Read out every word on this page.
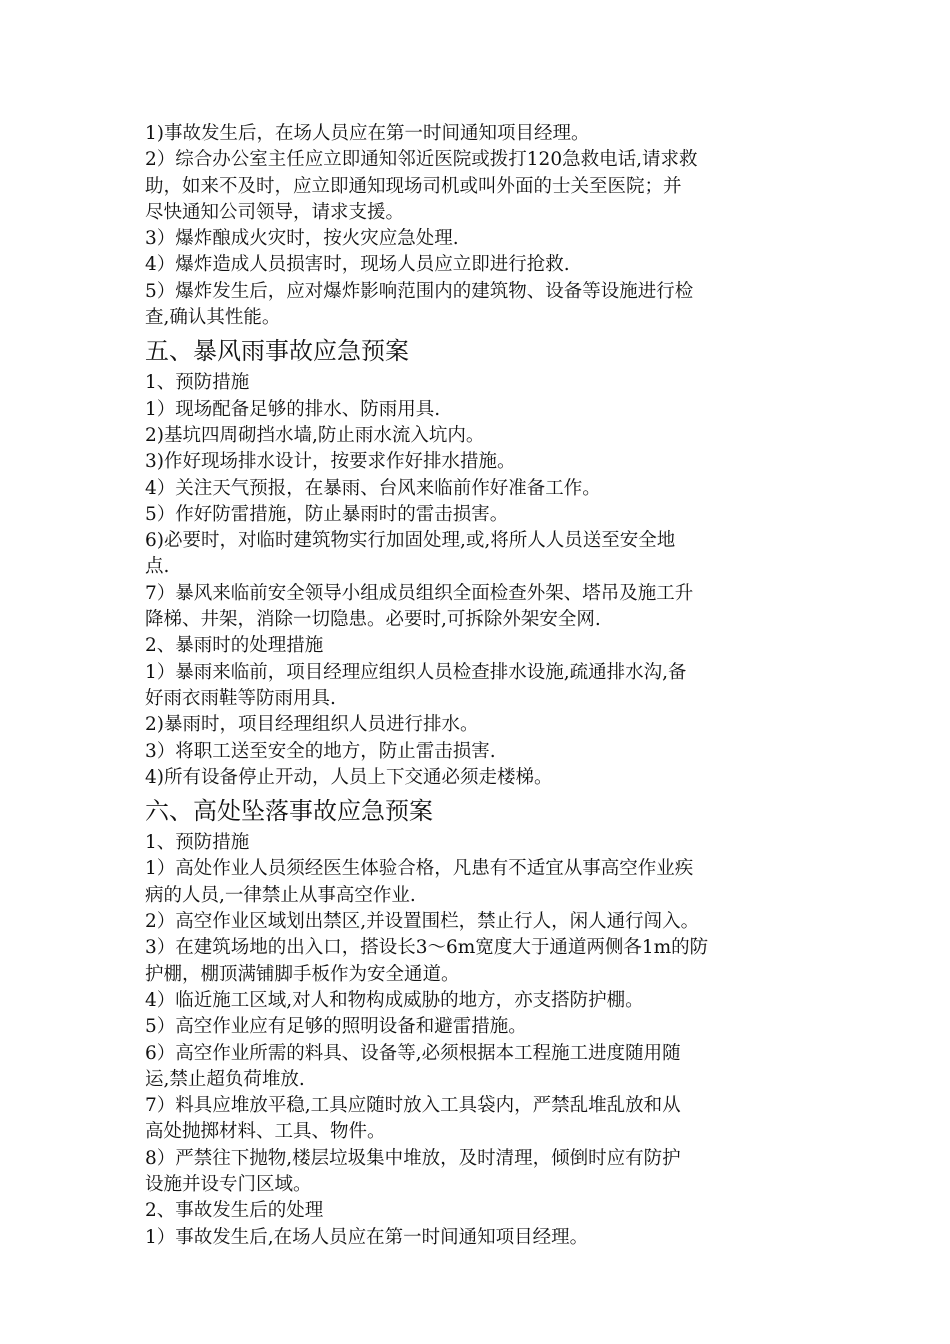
1)事故发生后，在场人员应在第一时间通知项目经理。
2）综合办公室主任应立即通知邻近医院或拨打120急救电话,请求救
助，如来不及时，应立即通知现场司机或叫外面的士关至医院；并
尽快通知公司领导，请求支援。
3）爆炸酿成火灾时，按火灾应急处理.
4）爆炸造成人员损害时，现场人员应立即进行抢救.
5）爆炸发生后，应对爆炸影响范围内的建筑物、设备等设施进行检
查,确认其性能。
五、暴风雨事故应急预案
1、预防措施
1）现场配备足够的排水、防雨用具.
2)基坑四周砌挡水墙,防止雨水流入坑内。
3)作好现场排水设计，按要求作好排水措施。
4）关注天气预报，在暴雨、台风来临前作好准备工作。
5）作好防雷措施，防止暴雨时的雷击损害。
6)必要时，对临时建筑物实行加固处理,或,将所人人员送至安全地
点.
7）暴风来临前安全领导小组成员组织全面检查外架、塔吊及施工升
降梯、井架，消除一切隐患。必要时,可拆除外架安全网.
2、暴雨时的处理措施
1）暴雨来临前，项目经理应组织人员检查排水设施,疏通排水沟,备
好雨衣雨鞋等防雨用具.
2)暴雨时，项目经理组织人员进行排水。
3）将职工送至安全的地方，防止雷击损害.
4)所有设备停止开动，人员上下交通必须走楼梯。
六、高处坠落事故应急预案
1、预防措施
1）高处作业人员须经医生体验合格，凡患有不适宜从事高空作业疾
病的人员,一律禁止从事高空作业.
2）高空作业区域划出禁区,并设置围栏，禁止行人，闲人通行闯入。
3）在建筑场地的出入口，搭设长3～6m宽度大于通道两侧各1m的防
护棚，棚顶满铺脚手板作为安全通道。
4）临近施工区域,对人和物构成威胁的地方，亦支搭防护棚。
5）高空作业应有足够的照明设备和避雷措施。
6）高空作业所需的料具、设备等,必须根据本工程施工进度随用随
运,禁止超负荷堆放.
7）料具应堆放平稳,工具应随时放入工具袋内，严禁乱堆乱放和从
高处抛掷材料、工具、物件。
8）严禁往下抛物,楼层垃圾集中堆放，及时清理，倾倒时应有防护
设施并设专门区域。
2、事故发生后的处理
1）事故发生后,在场人员应在第一时间通知项目经理。
